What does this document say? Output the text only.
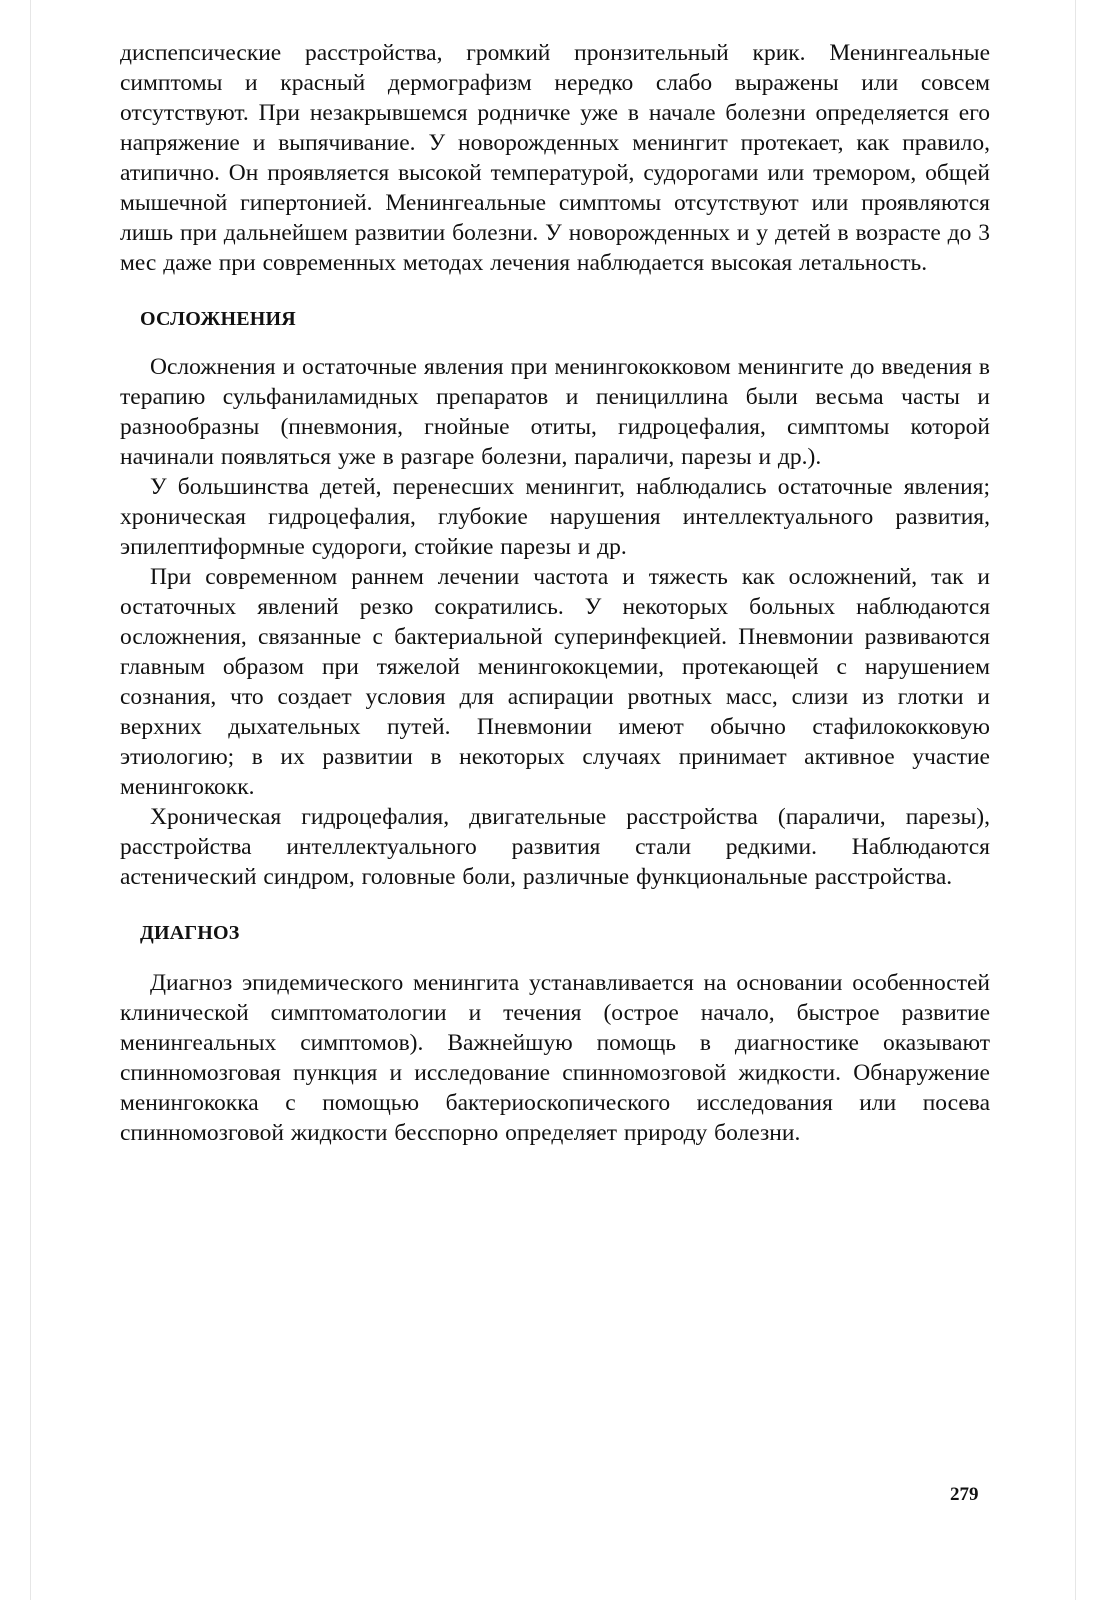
диспепсические расстройства, громкий пронзительный крик. Менингеальные симптомы и красный дермографизм нередко слабо выражены или совсем отсутствуют. При незакрывшемся родничке уже в начале болезни определяется его напряжение и выпячивание. У новорожденных менингит протекает, как правило, атипично. Он проявляется высокой температурой, судорогами или тремором, общей мышечной гипертонией. Менингеальные симптомы отсутствуют или проявляются лишь при дальнейшем развитии болезни. У новорожденных и у детей в возрасте до 3 мес даже при современных методах лечения наблюдается высокая летальность.

ОСЛОЖНЕНИЯ

Осложнения и остаточные явления при менингококковом менингите до введения в терапию сульфаниламидных препаратов и пенициллина были весьма часты и разнообразны (пневмония, гнойные отиты, гидроцефалия, симптомы которой начинали появляться уже в разгаре болезни, параличи, парезы и др.).

У большинства детей, перенесших менингит, наблюдались остаточные явления; хроническая гидроцефалия, глубокие нарушения интеллектуального развития, эпилептиформные судороги, стойкие парезы и др.

При современном раннем лечении частота и тяжесть как осложнений, так и остаточных явлений резко сократились. У некоторых больных наблюдаются осложнения, связанные с бактериальной суперинфекцией. Пневмонии развиваются главным образом при тяжелой менингококцемии, протекающей с нарушением сознания, что создает условия для аспирации рвотных масс, слизи из глотки и верхних дыхательных путей. Пневмонии имеют обычно стафилококковую этиологию; в их развитии в некоторых случаях принимает активное участие менингококк.

Хроническая гидроцефалия, двигательные расстройства (параличи, парезы), расстройства интеллектуального развития стали редкими. Наблюдаются астенический синдром, головные боли, различные функциональные расстройства.

ДИАГНОЗ

Диагноз эпидемического менингита устанавливается на основании особенностей клинической симптоматологии и течения (острое начало, быстрое развитие менингеальных симптомов). Важнейшую помощь в диагностике оказывают спинномозговая пункция и исследование спинномозговой жидкости. Обнаружение менингококка с помощью бактериоскопического исследования или посева спинномозговой жидкости бесспорно определяет природу болезни.

279
